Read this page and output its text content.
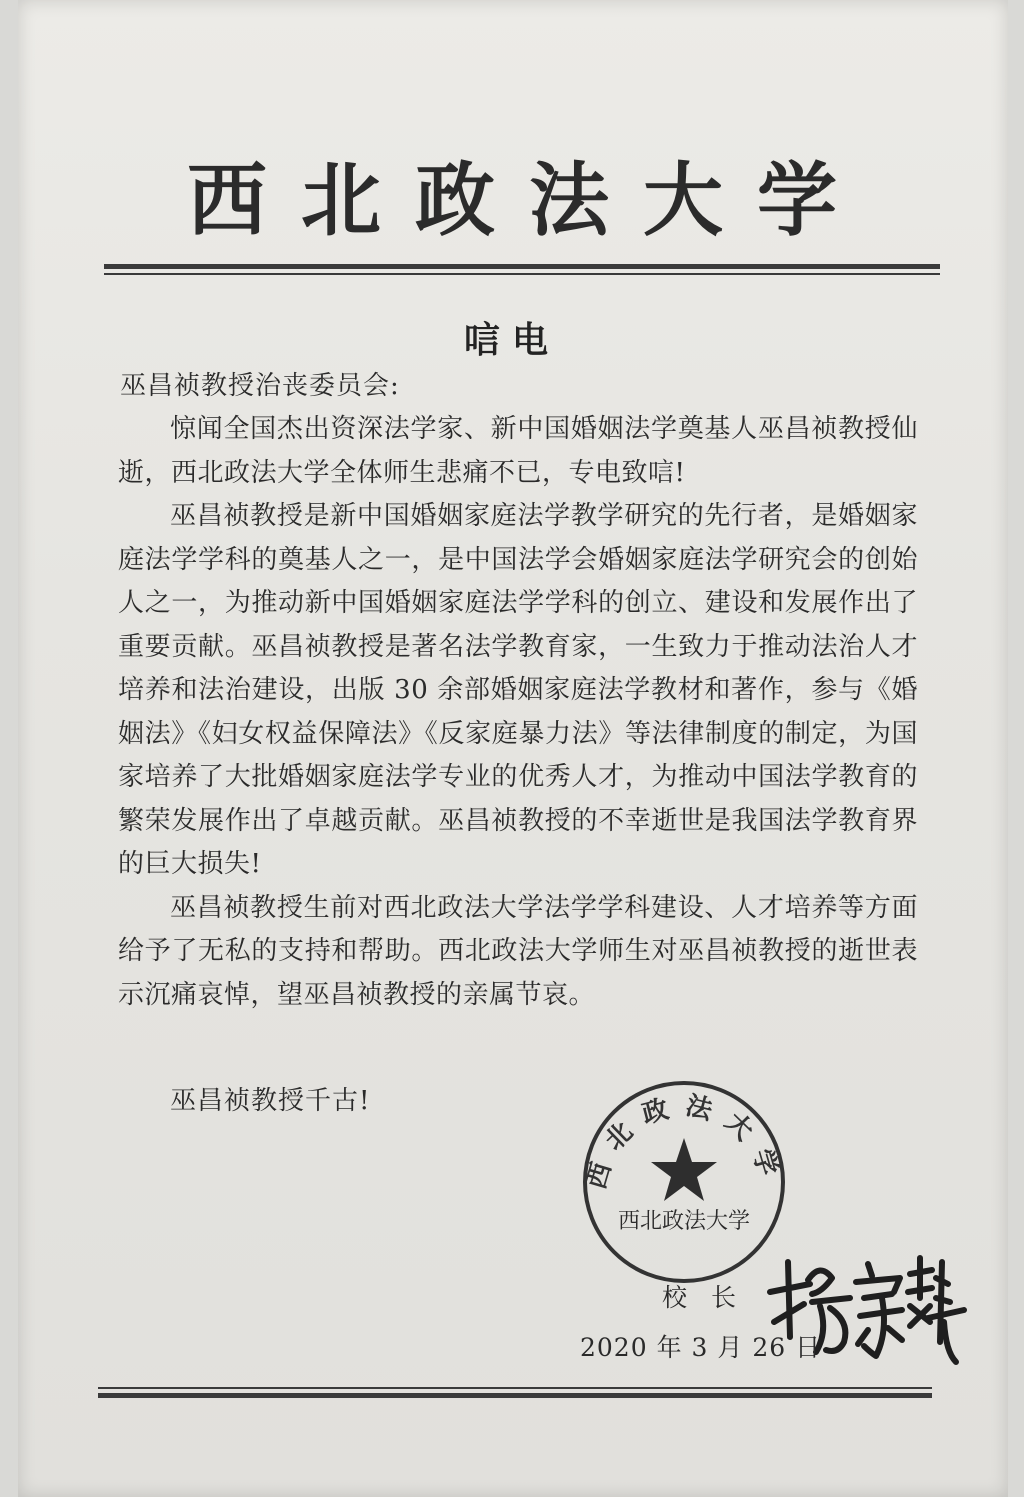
西北政法大学
唁电
巫昌祯教授治丧委员会:

惊闻全国杰出资深法学家、新中国婚姻法学奠基人巫昌祯教授仙逝，西北政法大学全体师生悲痛不已，专电致唁!

巫昌祯教授是新中国婚姻家庭法学教学研究的先行者，是婚姻家庭法学学科的奠基人之一，是中国法学会婚姻家庭法学研究会的创始人之一，为推动新中国婚姻家庭法学学科的创立、建设和发展作出了重要贡献。巫昌祯教授是著名法学教育家，一生致力于推动法治人才培养和法治建设，出版 30 余部婚姻家庭法学教材和著作，参与《婚姻法》《妇女权益保障法》《反家庭暴力法》等法律制度的制定，为国家培养了大批婚姻家庭法学专业的优秀人才，为推动中国法学教育的繁荣发展作出了卓越贡献。巫昌祯教授的不幸逝世是我国法学教育界的巨大损失!

巫昌祯教授生前对西北政法大学法学学科建设、人才培养等方面给予了无私的支持和帮助。西北政法大学师生对巫昌祯教授的逝世表示沉痛哀悼，望巫昌祯教授的亲属节哀。

巫昌祯教授千古!
西北政法大学
西北政法大学
校长
2020 年 3 月 26 日
